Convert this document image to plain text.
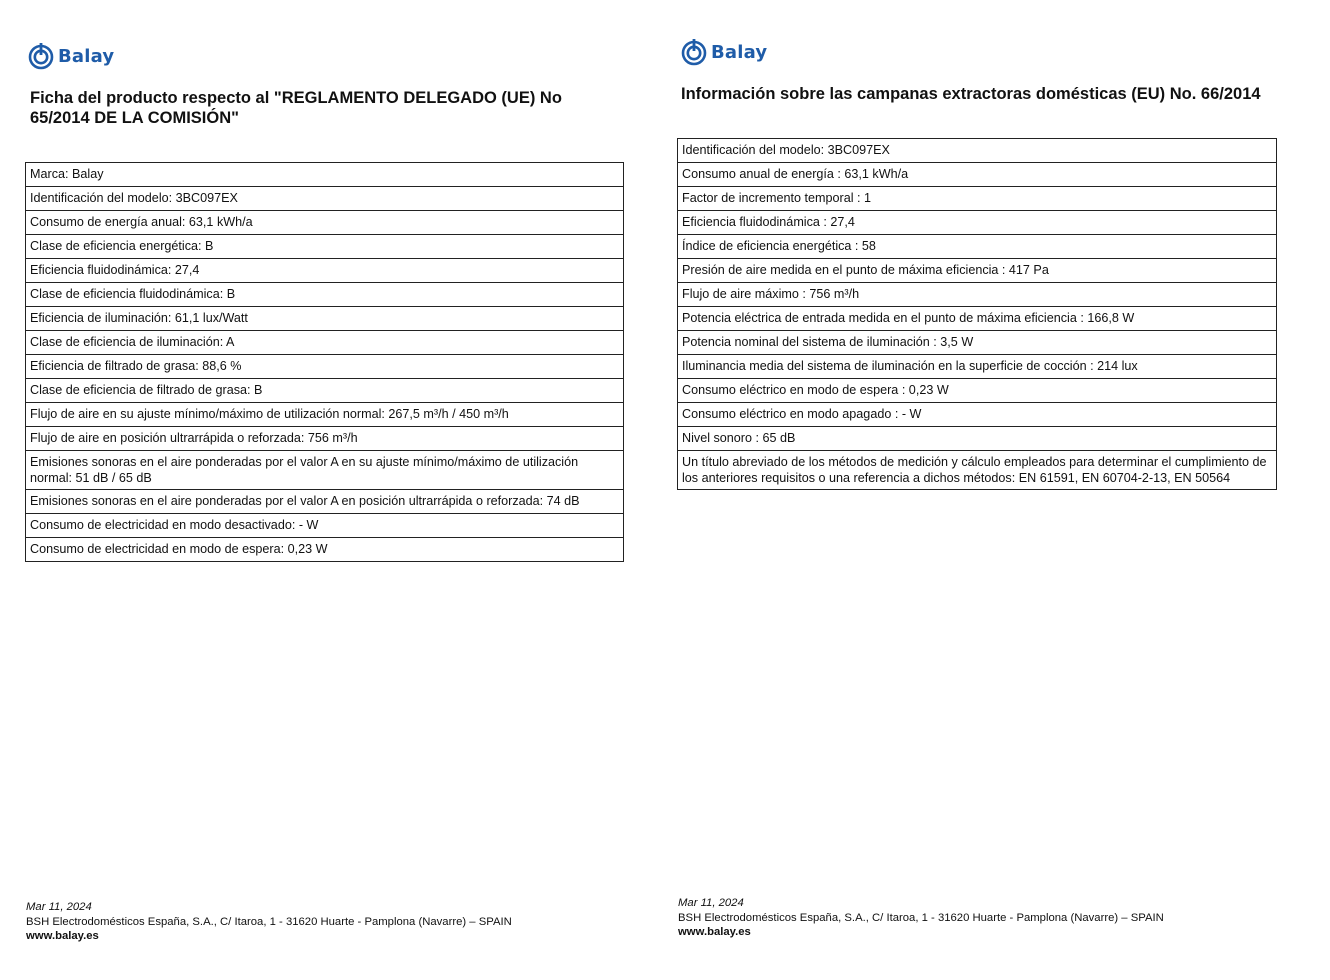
Balay
Ficha del producto respecto al "REGLAMENTO DELEGADO (UE) No 65/2014 DE LA COMISIÓN"
Marca: Balay
Identificación del modelo: 3BC097EX
Consumo de energía anual: 63,1 kWh/a
Clase de eficiencia energética: B
Eficiencia fluidodinámica: 27,4
Clase de eficiencia fluidodinámica: B
Eficiencia de iluminación: 61,1 lux/Watt
Clase de eficiencia de iluminación: A
Eficiencia de filtrado de grasa: 88,6 %
Clase de eficiencia de filtrado de grasa: B
Flujo de aire en su ajuste mínimo/máximo de utilización normal: 267,5 m³/h / 450 m³/h
Flujo de aire en posición ultrarrápida o reforzada: 756 m³/h
Emisiones sonoras en el aire ponderadas por el valor A en su ajuste mínimo/máximo de utilización normal: 51 dB / 65 dB
Emisiones sonoras en el aire ponderadas por el valor A en posición ultrarrápida o reforzada: 74 dB
Consumo de electricidad en modo desactivado: - W
Consumo de electricidad en modo de espera: 0,23 W
Mar 11, 2024
BSH Electrodomésticos España, S.A., C/ Itaroa, 1 - 31620 Huarte - Pamplona (Navarre) – SPAIN
www.balay.es
Balay
Información sobre las campanas extractoras domésticas (EU) No. 66/2014
Identificación del modelo: 3BC097EX
Consumo anual de energía : 63,1 kWh/a
Factor de incremento temporal : 1
Eficiencia fluidodinámica : 27,4
Índice de eficiencia energética : 58
Presión de aire medida en el punto de máxima eficiencia : 417 Pa
Flujo de aire máximo : 756 m³/h
Potencia eléctrica de entrada medida en el punto de máxima eficiencia : 166,8 W
Potencia nominal del sistema de iluminación : 3,5 W
Iluminancia media del sistema de iluminación en la superficie de cocción : 214 lux
Consumo eléctrico en modo de espera : 0,23 W
Consumo eléctrico en modo apagado : - W
Nivel sonoro : 65 dB
Un título abreviado de los métodos de medición y cálculo empleados para determinar el cumplimiento de los anteriores requisitos o una referencia a dichos métodos: EN 61591, EN 60704-2-13, EN 50564
Mar 11, 2024
BSH Electrodomésticos España, S.A., C/ Itaroa, 1 - 31620 Huarte - Pamplona (Navarre) – SPAIN
www.balay.es
